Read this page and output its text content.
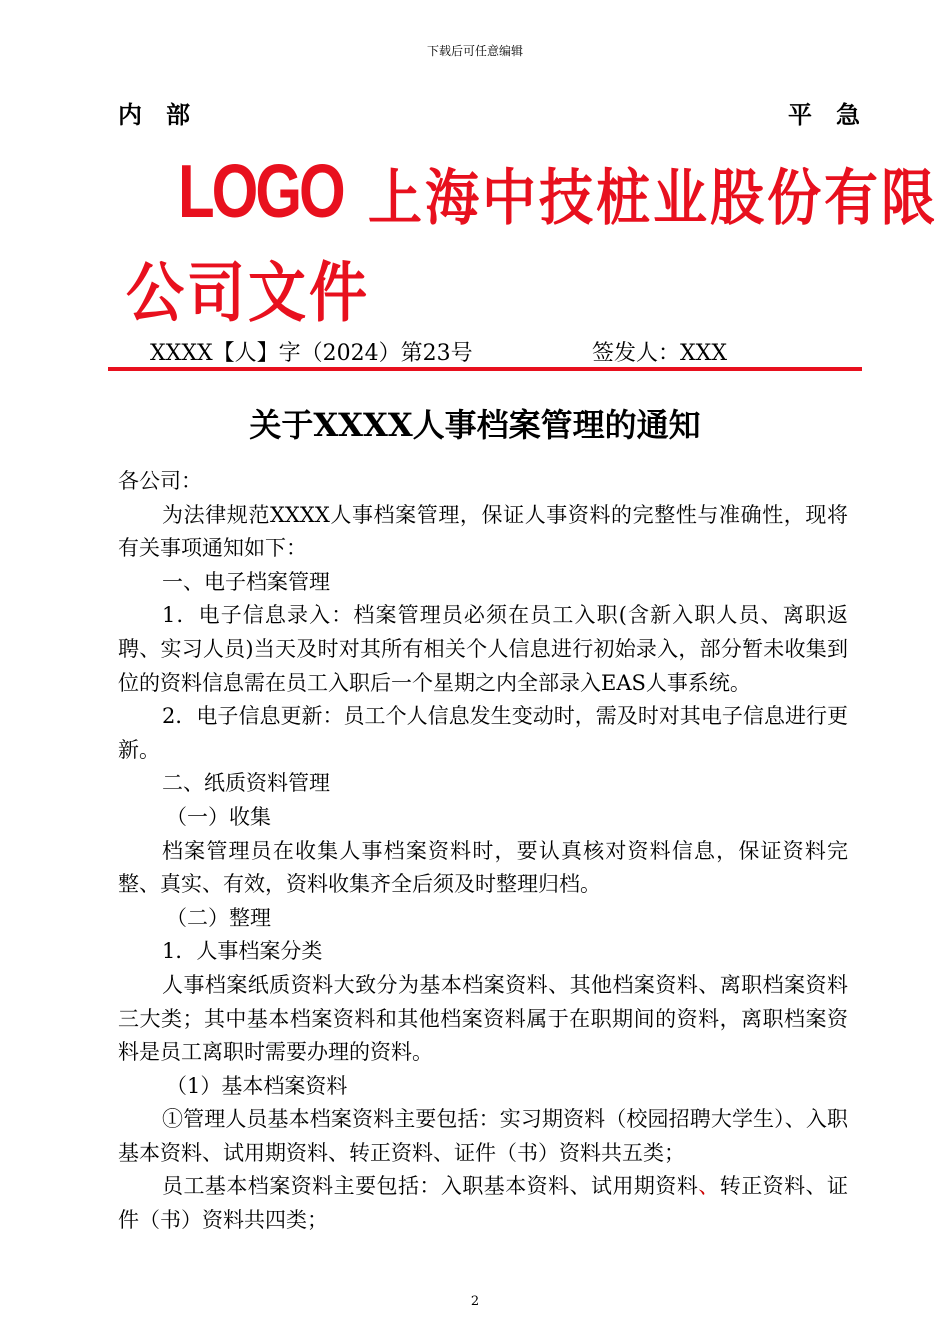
下载后可任意编辑
内部	平急
LOGO 上海中技桩业股份有限
公司文件
XXXX【人】字（2024）第23号	签发人：XXX
关于XXXX人事档案管理的通知

各公司：

为法律规范XXXX人事档案管理，保证人事资料的完整性与准确性，现将有关事项通知如下：

一、电子档案管理

1．电子信息录入：档案管理员必须在员工入职(含新入职人员、离职返聘、实习人员)当天及时对其所有相关个人信息进行初始录入，部分暂未收集到位的资料信息需在员工入职后一个星期之内全部录入EAS人事系统。

2．电子信息更新：员工个人信息发生变动时，需及时对其电子信息进行更新。

二、纸质资料管理

（一）收集

档案管理员在收集人事档案资料时，要认真核对资料信息，保证资料完整、真实、有效，资料收集齐全后须及时整理归档。

（二）整理

1．人事档案分类

人事档案纸质资料大致分为基本档案资料、其他档案资料、离职档案资料三大类；其中基本档案资料和其他档案资料属于在职期间的资料，离职档案资料是员工离职时需要办理的资料。

（1）基本档案资料

①管理人员基本档案资料主要包括：实习期资料（校园招聘大学生）、入职基本资料、试用期资料、转正资料、证件（书）资料共五类；

员工基本档案资料主要包括：入职基本资料、试用期资料、转正资料、证件（书）资料共四类；

2
